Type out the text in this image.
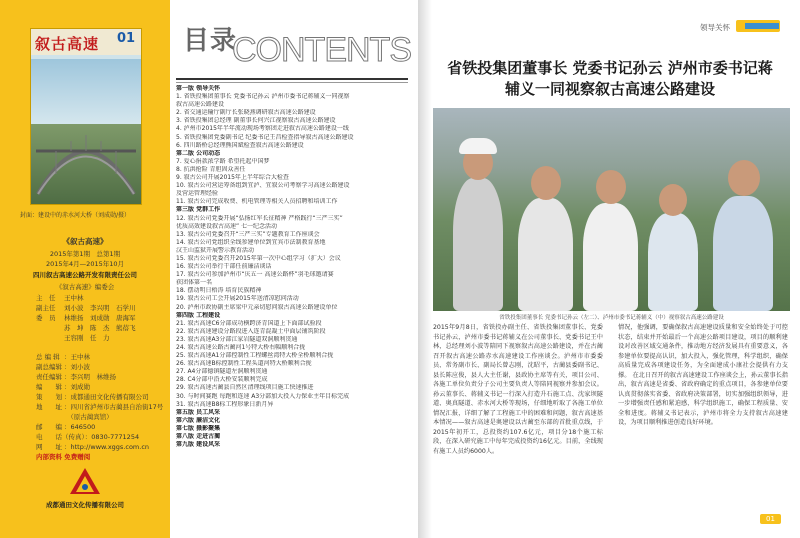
叙古高速 01
封面：建设中的赤水河大桥（刘成勋/摄）
《叙古高速》
2015年第1期　总第1期
2015年4月—2015年10月
四川叙古高速公路开发有限责任公司
《叙古高速》编委会
主　任 王中林
副主任 刘小波　李兴明　石学川
委　员 林维扬　刘成勋　唐海军
苏　坤　陈　杰　熊蓓飞
王容刚　任　力
总 编 辑 ：王中林
副总编辑 ：刘小波
责任编辑 ：李兴明　林维扬
编　　辑 ：刘成勋
策　　划 ：成都通田文化传播有限公司
地　　址 ：四川省泸州市古蔺县自治街17号
　（原古蔺宾馆）
邮　　编 ：646500
电　　话（传真）：0830-7771254
网　　址 ：http://www.xggs.com.cn
内部资料 免费赠阅
成都通田文化传播有限公司
目录
CONTENTS
第一版 领导关怀
1. 省铁投集团董事长 党委书记孙云 泸州市委书记蒋辅义一同视察
叙古高速公路建设
2. 省交通运输厅副厅长张晓燕调研叙古高速公路建设
3. 省铁投集团总经理 副董事长何兴江视察叙古高速公路建设
4. 泸州市2015年半年流动现场考察团走进叙古高速公路建设一线
5. 省铁投集团党委副书记 纪委书记王昌检查指导叙古高速公路建设
6. 四川路桥总经理熊国斌检查叙古高速公路建设
第二版 公司动态
7. 爱心捐款浓学路 希望托起中国梦
8. 抗洪抢险 青胆固众善任
9. 叙古公司开展2015年上半年综合大检查
10. 叙古公司营运筹备组到宜泸、宜叙公司考察学习高速公路建设
及营运管理经验
11. 叙古公司完成收费、机电管理等相关人员招聘和培训工作
第三版 党群工作
12. 叙古公司党委开展“弘扬红军长征精神 严格践行“三严三实”
优质高效建设叙古高速” 七一纪念活动
13. 叙古公司党委召开“三严三实”专题教育工作座谈会
14. 叙古公司党组织全线参建单位到宜宾市法制教育基地
汉王山监狱开展警示教育活动
15. 叙古公司党委召开2015年第一次中心组学习（扩大）会议
16. 叙古公司举行干部任前廉洁谈话
17. 叙古公司参加泸州市“庆五一 高速公路杯”羽毛球邀请赛
获团体第一名
18. 摆动明日梧涛 培育民族精神
19. 叙古公司工会开展2015年送清凉慰问活动
20. 泸州市政协副主席梁中元亲切慰问叙古高速公路建设单位
第四版 工程建设
21. 叙古高速C6分部成功横跨济青国道上下面部试验段
22. 叙古高速建设分路段进入连青混凝土中面层铺筑阶段
23. 叙古高速A3分部江家岩隧道双洞顺利贯通
24. 叙古高速公路古蔺河1号特大桥右幅顺利合拢
25. 叙古高速A1分部控制性工程螺丝湾特大桥全桥顺利合拢
26. 叙古高速B标控制性工程头道河特大桥顺利合拢
27. A4分部德镇隧道左洞顺利贯通
28. C4分部中沿大桥安装顺利完成
29. 叙古高速古蔺县自然区清理线项目施工快速推进
30. 与时间赛跑 每跑和连速 A3分部加大投入力保业主年目标完成
31. 叙古高速B8标工程形象日新月异
第五版 员工风采
第六版 廉洁文化
第七版 摄影聚集
第八版 走进古蔺
第九版 建设风采
领导关怀
省铁投集团董事长 党委书记孙云 泸州市委书记蒋辅义一同视察叙古高速公路建设
省铁投集团董事长 党委书记孙云（左二）、泸州市委书记蒋辅义（中）视察叙古高速公路建设
2015年9月8日，省铁投办副主任、省铁投集团董事长、党委书记孙云，泸州市委书记蒋辅义在公司董事长、党委书记王中林，总经理刘小波等陪同下视察叙古高速公路建设，并在古蔺召开叙古高速公路赤水高速建设工作座谈会。泸州市市委委员、常务副市长、副局长曾志刚，沈昭平，古蔺县委副书记、县长陈应俊，县人大主任谢，县政协主席等有关，项目公司、各施工单位负责分子公司主要负责人等陪同视察并参加会议。 孙云董事长、蒋辅义书记一行深入打造升石施工点、沈家坝隧道、奥真隧道、赤水河大桥等现场，仔细地听取了各施工单位情况汇报，详细了解了工程施工中的困难和问题，叙古高速基本情况——叙古高速是奥建设以古蔺至东部的首批重点线，于2015年初开工，总投资约107.6亿元，项目分18个施工标段，在深入研究施工中每年完成投资约16亿元。目前，全线现有施工人员约6000人。
情况，他强调，要确保叙古高速建设质量和安全始终处于可控状态，结束并开始最后一个高速公路项目建设，项目的顺利建设对改善区域交通条件，推动地方经济发展具有重要意义，各参建单位要提高认识，加大投入，强化管理，科学组织，确保高质量完成各项建设任务，为全面建成小康社会提供有力支撑。 在北日召开的叙古高速建设工作座谈会上，孙云董事长指出，叙古高速是省委、省政府确定的重点项目，各参建单位要认真贯彻落实省委、省政府决策部署，切实加强组织领导，进一步增强责任感和紧迫感，科学组织施工，确保工程质量、安全和进度。蒋辅义书记表示，泸州市将全力支持叙古高速建设，为项目顺利推进创造良好环境。
01
